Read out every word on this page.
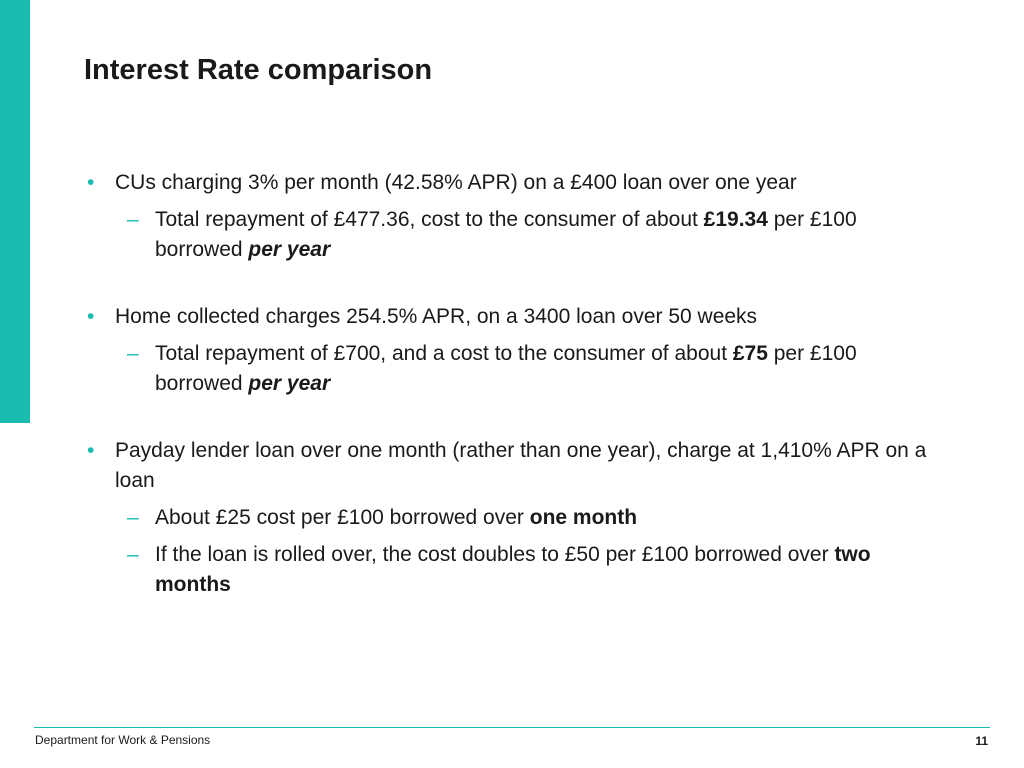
Interest Rate comparison
• CUs charging 3% per month (42.58% APR) on a £400 loan over one year
– Total repayment of £477.36, cost to the consumer of about £19.34 per £100 borrowed per year
• Home collected charges 254.5% APR, on a 3400 loan over 50 weeks
– Total repayment of £700, and a cost to the consumer of about £75 per £100 borrowed per year
• Payday lender loan over one month (rather than one year), charge at 1,410% APR on a loan
– About £25 cost per £100 borrowed over one month
– If the loan is rolled over, the cost doubles to £50 per £100 borrowed over two months
Department for Work & Pensions	11
